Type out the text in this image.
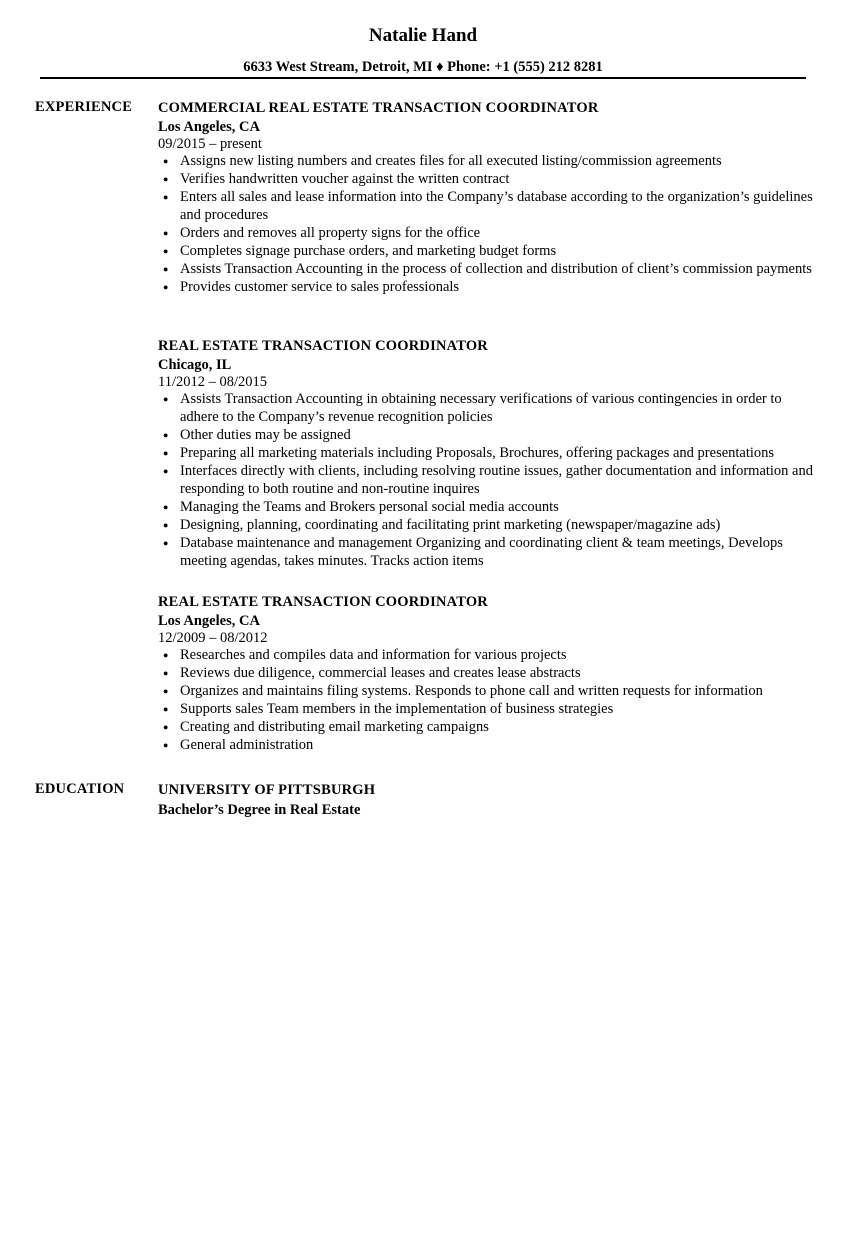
Natalie Hand
6633 West Stream, Detroit, MI ♦ Phone: +1 (555) 212 8281
EXPERIENCE COMMERCIAL REAL ESTATE TRANSACTION COORDINATOR
Los Angeles, CA
09/2015 – present
● Assigns new listing numbers and creates files for all executed listing/commission agreements
● Verifies handwritten voucher against the written contract
● Enters all sales and lease information into the Company’s database according to the organization’s guidelines and procedures
● Orders and removes all property signs for the office
● Completes signage purchase orders, and marketing budget forms
● Assists Transaction Accounting in the process of collection and distribution of client’s commission payments
● Provides customer service to sales professionals
REAL ESTATE TRANSACTION COORDINATOR
Chicago, IL
11/2012 – 08/2015
● Assists Transaction Accounting in obtaining necessary verifications of various contingencies in order to adhere to the Company’s revenue recognition policies
● Other duties may be assigned
● Preparing all marketing materials including Proposals, Brochures, offering packages and presentations
● Interfaces directly with clients, including resolving routine issues, gather documentation and information and responding to both routine and non-routine inquires
● Managing the Teams and Brokers personal social media accounts
● Designing, planning, coordinating and facilitating print marketing (newspaper/magazine ads)
● Database maintenance and management Organizing and coordinating client & team meetings, Develops meeting agendas, takes minutes. Tracks action items
REAL ESTATE TRANSACTION COORDINATOR
Los Angeles, CA
12/2009 – 08/2012
● Researches and compiles data and information for various projects
● Reviews due diligence, commercial leases and creates lease abstracts
● Organizes and maintains filing systems. Responds to phone call and written requests for information
● Supports sales Team members in the implementation of business strategies
● Creating and distributing email marketing campaigns
● General administration
EDUCATION UNIVERSITY OF PITTSBURGH
Bachelor’s Degree in Real Estate
